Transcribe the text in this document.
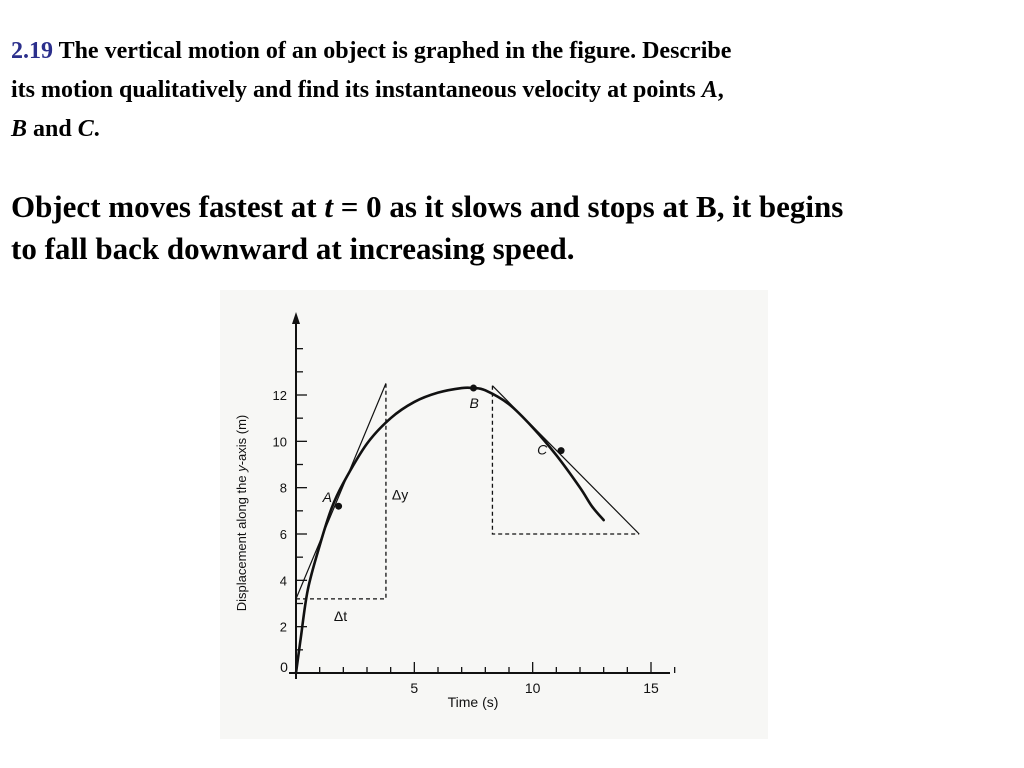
2.19 The vertical motion of an object is graphed in the figure. Describe
its motion qualitatively and find its instantaneous velocity at points A,
B and C.
Object moves fastest at t = 0 as it slows and stops at B, it begins
to fall back downward at increasing speed.
0
5	10	15
2
4
6
8
10
12
A
B
C
Δy
Δt
Time (s)
Displacement along the y-axis (m)
